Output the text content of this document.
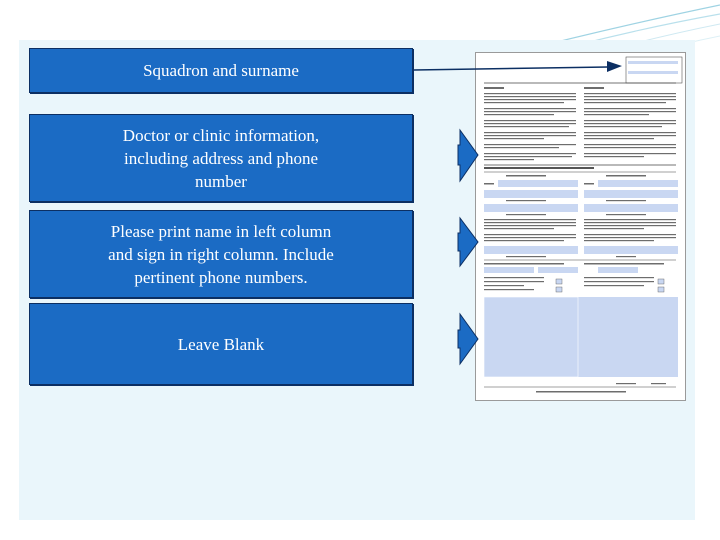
Squadron and surname
Doctor or clinic information,
including address and phone
number
Please print name in left column
and sign in right column. Include
pertinent phone numbers.
Leave Blank
